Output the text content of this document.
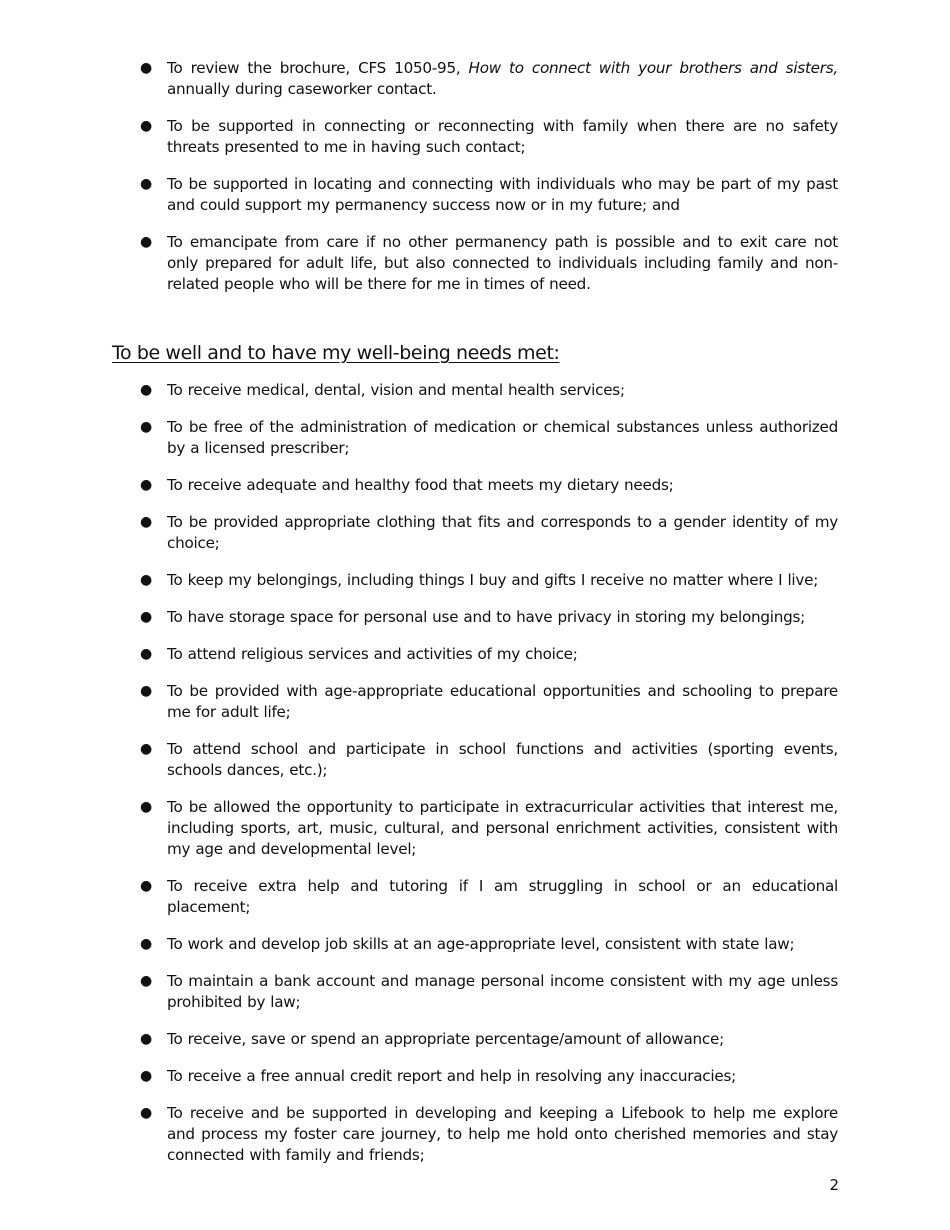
● To review the brochure, CFS 1050-95, How to connect with your brothers and sisters, annually during caseworker contact.
● To be supported in connecting or reconnecting with family when there are no safety threats presented to me in having such contact;
● To be supported in locating and connecting with individuals who may be part of my past and could support my permanency success now or in my future; and
● To emancipate from care if no other permanency path is possible and to exit care not only prepared for adult life, but also connected to individuals including family and non-related people who will be there for me in times of need.
To be well and to have my well-being needs met:
● To receive medical, dental, vision and mental health services;
● To be free of the administration of medication or chemical substances unless authorized by a licensed prescriber;
● To receive adequate and healthy food that meets my dietary needs;
● To be provided appropriate clothing that fits and corresponds to a gender identity of my choice;
● To keep my belongings, including things I buy and gifts I receive no matter where I live;
● To have storage space for personal use and to have privacy in storing my belongings;
● To attend religious services and activities of my choice;
● To be provided with age-appropriate educational opportunities and schooling to prepare me for adult life;
● To attend school and participate in school functions and activities (sporting events, schools dances, etc.);
● To be allowed the opportunity to participate in extracurricular activities that interest me, including sports, art, music, cultural, and personal enrichment activities, consistent with my age and developmental level;
● To receive extra help and tutoring if I am struggling in school or an educational placement;
● To work and develop job skills at an age-appropriate level, consistent with state law;
● To maintain a bank account and manage personal income consistent with my age unless prohibited by law;
● To receive, save or spend an appropriate percentage/amount of allowance;
● To receive a free annual credit report and help in resolving any inaccuracies;
● To receive and be supported in developing and keeping a Lifebook to help me explore and process my foster care journey, to help me hold onto cherished memories and stay connected with family and friends;
2
